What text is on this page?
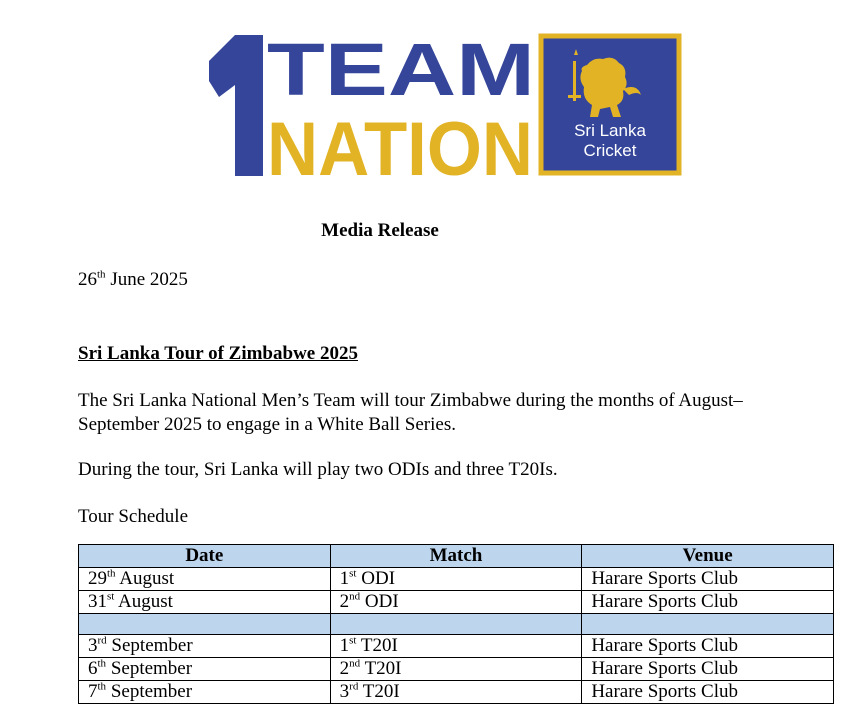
TEAM
NATION Sri Lanka
Cricket
Media Release
26th June 2025
Sri Lanka Tour of Zimbabwe 2025
The Sri Lanka National Men’s Team will tour Zimbabwe during the months of August–September 2025 to engage in a White Ball Series.
During the tour, Sri Lanka will play two ODIs and three T20Is.
Tour Schedule
Date	Match	Venue
29th August	1st ODI	Harare Sports Club
31st August	2nd ODI	Harare Sports Club

3rd September	1st T20I	Harare Sports Club
6th September	2nd T20I	Harare Sports Club
7th September	3rd T20I	Harare Sports Club
